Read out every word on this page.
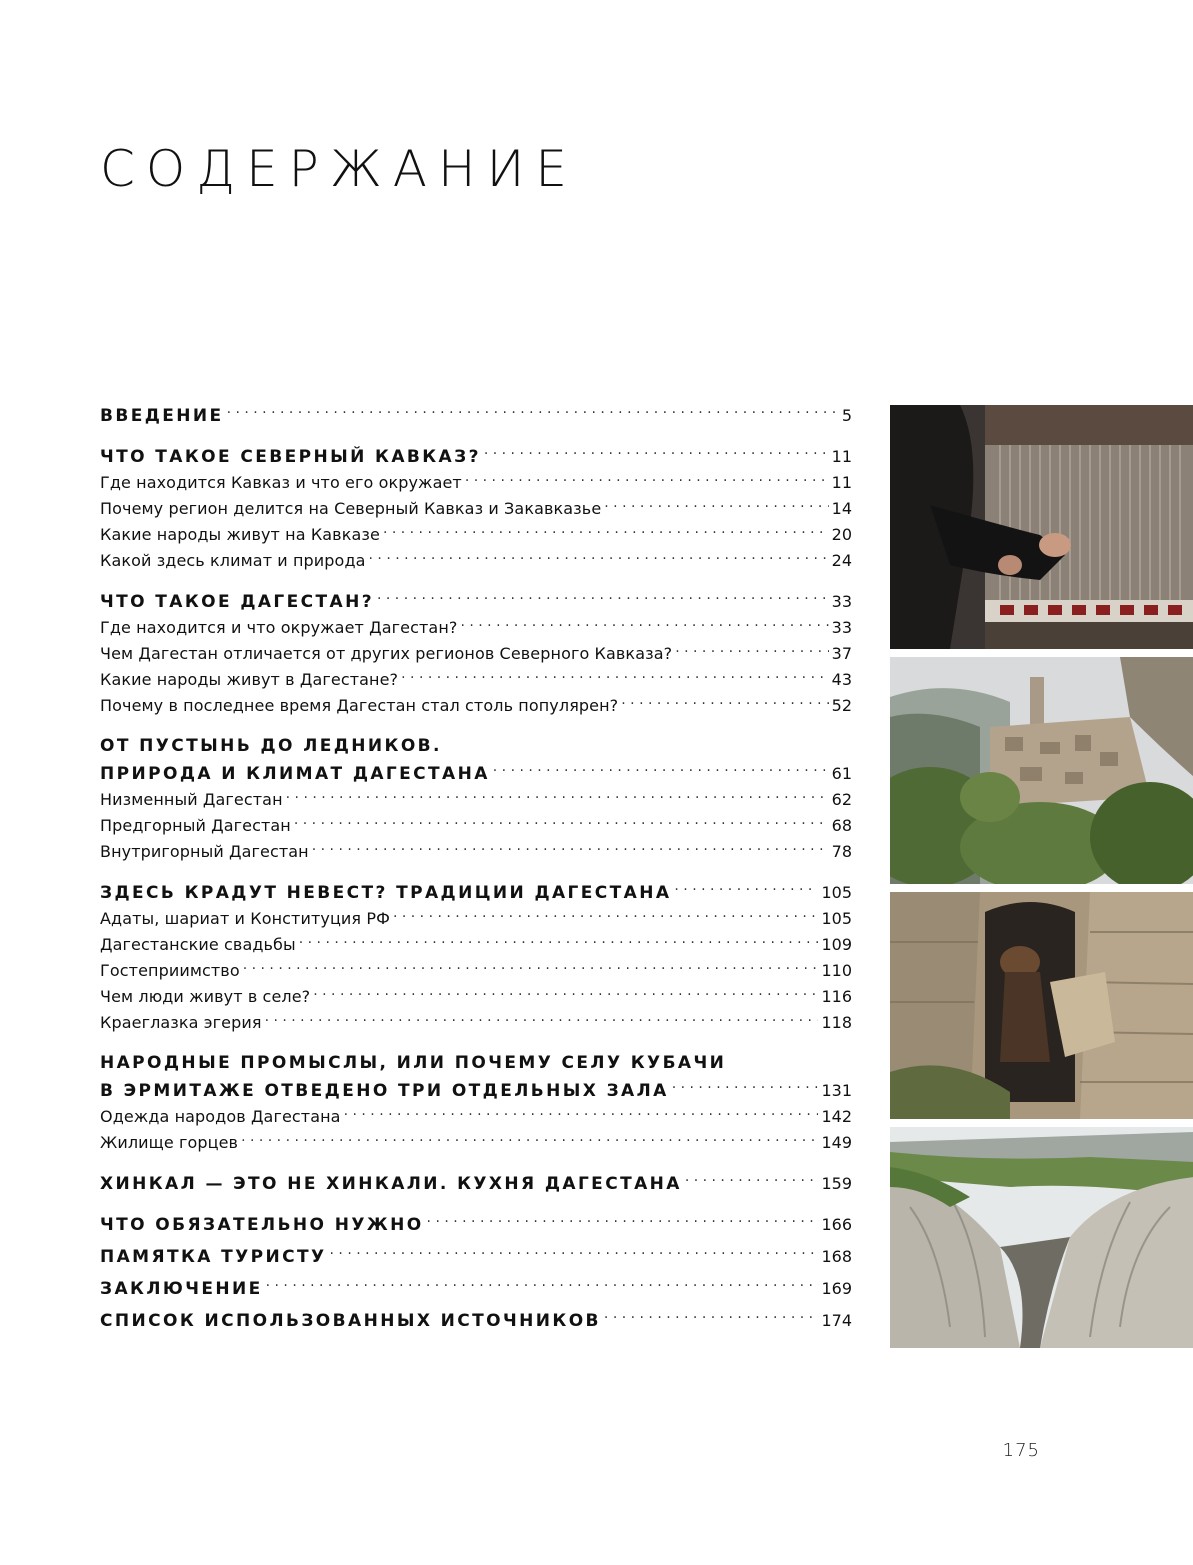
СОДЕРЖАНИЕ
ВВЕДЕНИЕ . . .	5
ЧТО ТАКОЕ СЕВЕРНЫЙ КАВКАЗ? . . .	11
Где находится Кавказ и что его окружает . . .	11
Почему регион делится на Северный Кавказ и Закавказье . . .	14
Какие народы живут на Кавказе . . .	20
Какой здесь климат и природа . . .	24
ЧТО ТАКОЕ ДАГЕСТАН? . . .	33
Где находится и что окружает Дагестан? . . .	33
Чем Дагестан отличается от других регионов Северного Кавказа? . . .	37
Какие народы живут в Дагестане? . . .	43
Почему в последнее время Дагестан стал столь популярен? . . .	52
ОТ ПУСТЫНЬ ДО ЛЕДНИКОВ.
ПРИРОДА И КЛИМАТ ДАГЕСТАНА . . .	61
Низменный Дагестан . . .	62
Предгорный Дагестан . . .	68
Внутригорный Дагестан . . .	78
ЗДЕСЬ КРАДУТ НЕВЕСТ? ТРАДИЦИИ ДАГЕСТАНА . . .	105
Адаты, шариат и Конституция РФ . . .	105
Дагестанские свадьбы . . .	109
Гостеприимство . . .	110
Чем люди живут в селе? . . .	116
Краеглазка эгерия . . .	118
НАРОДНЫЕ ПРОМЫСЛЫ, ИЛИ ПОЧЕМУ СЕЛУ КУБАЧИ
В ЭРМИТАЖЕ ОТВЕДЕНО ТРИ ОТДЕЛЬНЫХ ЗАЛА . . .	131
Одежда народов Дагестана . . .	142
Жилище горцев . . .	149
ХИНКАЛ — ЭТО НЕ ХИНКАЛИ. КУХНЯ ДАГЕСТАНА . . .	159
ЧТО ОБЯЗАТЕЛЬНО НУЖНО . . .	166
ПАМЯТКА ТУРИСТУ . . .	168
ЗАКЛЮЧЕНИЕ . . .	169
СПИСОК ИСПОЛЬЗОВАННЫХ ИСТОЧНИКОВ . . .	174
175
